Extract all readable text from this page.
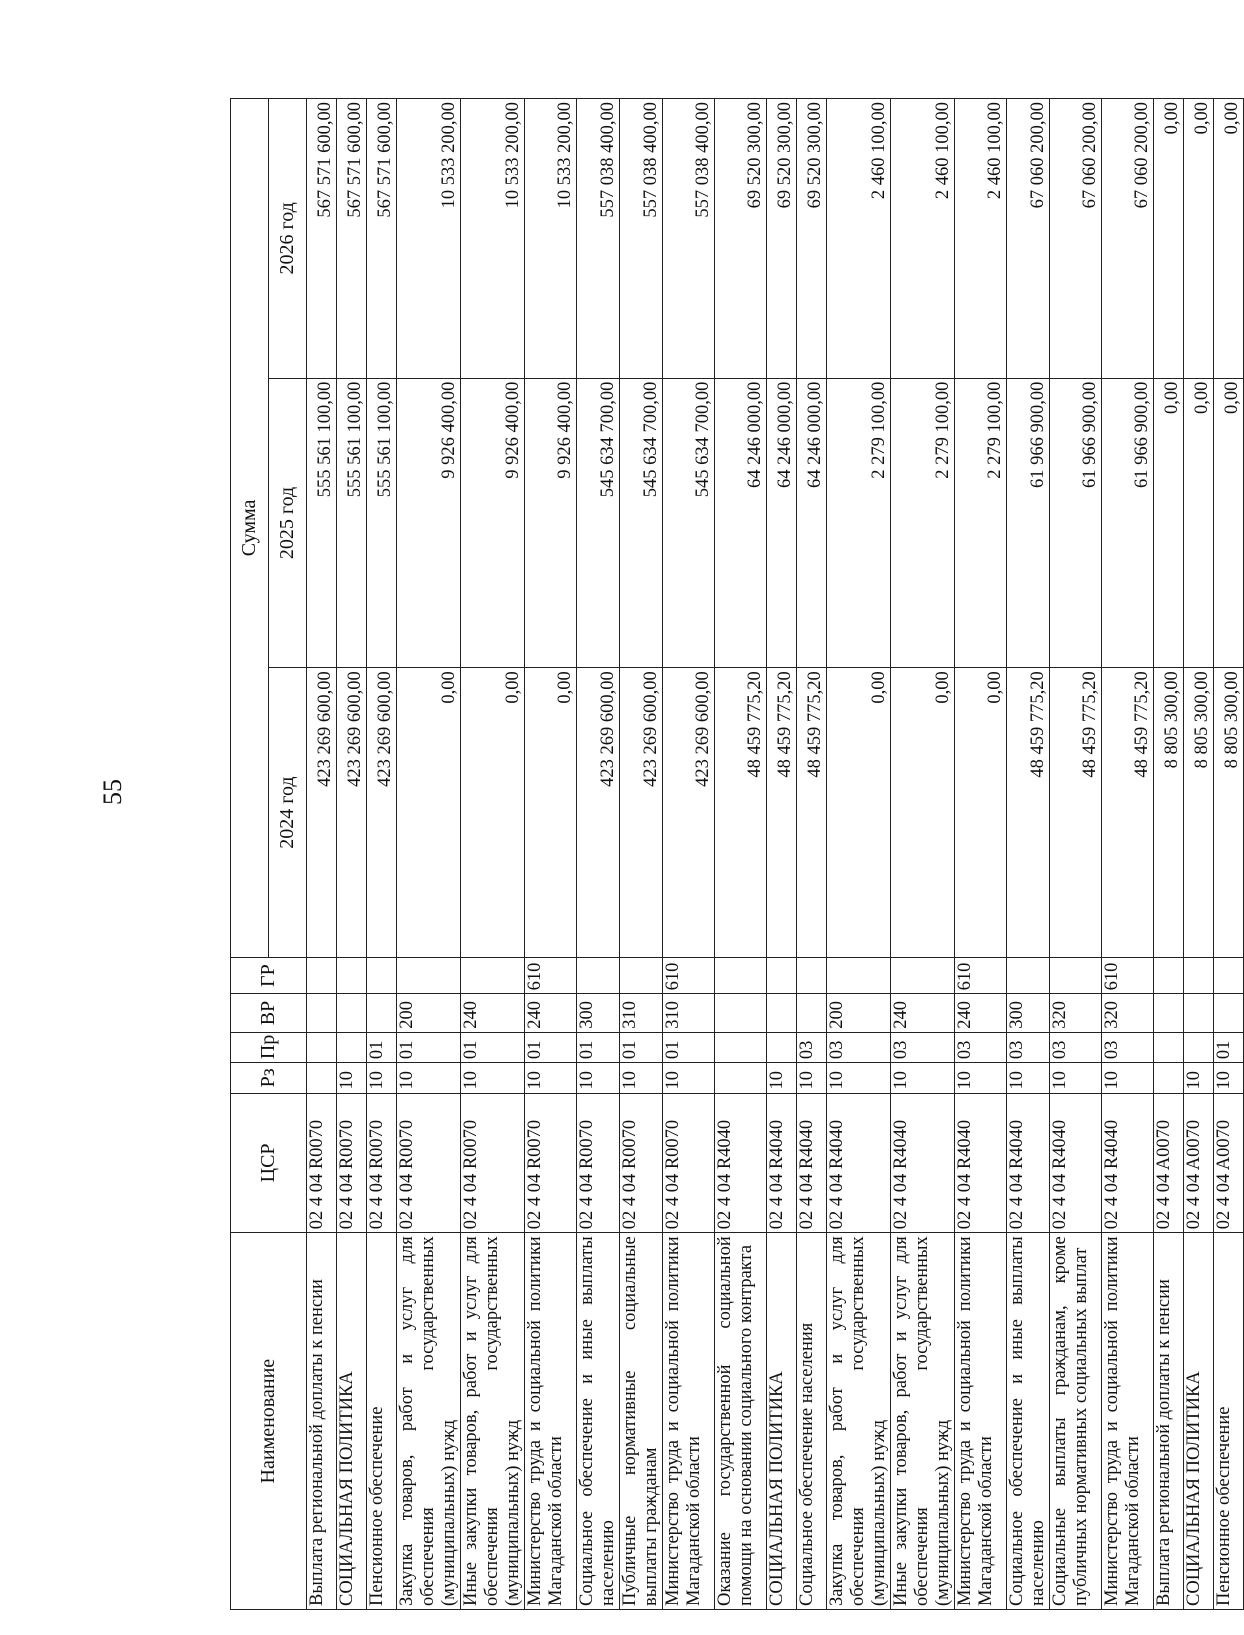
55
Наименование	ЦСР	Рз	Пр	ВР	ГР	Сумма		
						2024 год	2025 год	2026 год
Выплата региональной доплаты к пенсии	02 4 04 R0070					423 269 600,00	555 561 100,00	567 571 600,00
СОЦИАЛЬНАЯ ПОЛИТИКА	02 4 04 R0070	10				423 269 600,00	555 561 100,00	567 571 600,00
Пенсионное обеспечение	02 4 04 R0070	10	01			423 269 600,00	555 561 100,00	567 571 600,00
Закупка товаров, работ и услуг для обеспечения государственных (муниципальных) нужд	02 4 04 R0070	10	01	200		0,00	9 926 400,00	10 533 200,00
Иные закупки товаров, работ и услуг для обеспечения государственных (муниципальных) нужд	02 4 04 R0070	10	01	240		0,00	9 926 400,00	10 533 200,00
Министерство труда и социальной политики Магаданской области	02 4 04 R0070	10	01	240	610	0,00	9 926 400,00	10 533 200,00
Социальное обеспечение и иные выплаты населению	02 4 04 R0070	10	01	300		423 269 600,00	545 634 700,00	557 038 400,00
Публичные нормативные социальные выплаты гражданам	02 4 04 R0070	10	01	310		423 269 600,00	545 634 700,00	557 038 400,00
Министерство труда и социальной политики Магаданской области	02 4 04 R0070	10	01	310	610	423 269 600,00	545 634 700,00	557 038 400,00
Оказание государственной социальной помощи на основании социального контракта	02 4 04 R4040					48 459 775,20	64 246 000,00	69 520 300,00
СОЦИАЛЬНАЯ ПОЛИТИКА	02 4 04 R4040	10				48 459 775,20	64 246 000,00	69 520 300,00
Социальное обеспечение населения	02 4 04 R4040	10	03			48 459 775,20	64 246 000,00	69 520 300,00
Закупка товаров, работ и услуг для обеспечения государственных (муниципальных) нужд	02 4 04 R4040	10	03	200		0,00	2 279 100,00	2 460 100,00
Иные закупки товаров, работ и услуг для обеспечения государственных (муниципальных) нужд	02 4 04 R4040	10	03	240		0,00	2 279 100,00	2 460 100,00
Министерство труда и социальной политики Магаданской области	02 4 04 R4040	10	03	240	610	0,00	2 279 100,00	2 460 100,00
Социальное обеспечение и иные выплаты населению	02 4 04 R4040	10	03	300		48 459 775,20	61 966 900,00	67 060 200,00
Социальные выплаты гражданам, кроме публичных нормативных социальных выплат	02 4 04 R4040	10	03	320		48 459 775,20	61 966 900,00	67 060 200,00
Министерство труда и социальной политики Магаданской области	02 4 04 R4040	10	03	320	610	48 459 775,20	61 966 900,00	67 060 200,00
Выплата региональной доплаты к пенсии	02 4 04 A0070					8 805 300,00	0,00	0,00
СОЦИАЛЬНАЯ ПОЛИТИКА	02 4 04 A0070	10				8 805 300,00	0,00	0,00
Пенсионное обеспечение	02 4 04 A0070	10	01			8 805 300,00	0,00	0,00
